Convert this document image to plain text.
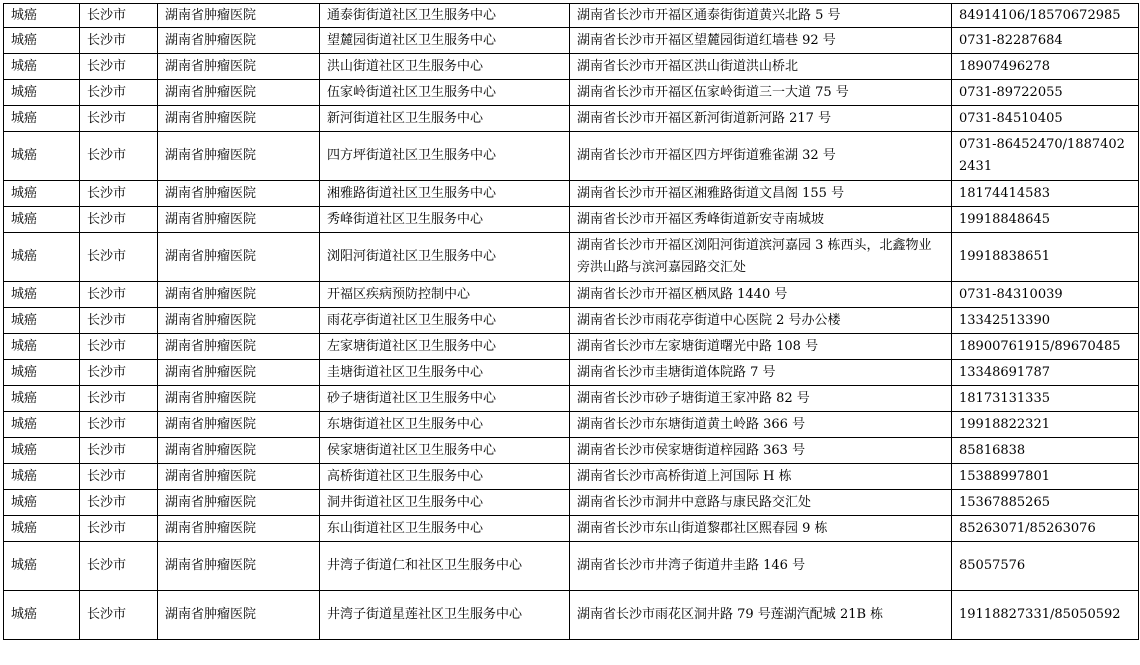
城癌	长沙市	湖南省肿瘤医院	通泰街街道社区卫生服务中心	湖南省长沙市开福区通泰街街道黄兴北路 5 号	84914106/18570672985
城癌	长沙市	湖南省肿瘤医院	望麓园街道社区卫生服务中心	湖南省长沙市开福区望麓园街道红墙巷 92 号	0731-82287684
城癌	长沙市	湖南省肿瘤医院	洪山街道社区卫生服务中心	湖南省长沙市开福区洪山街道洪山桥北	18907496278
城癌	长沙市	湖南省肿瘤医院	伍家岭街道社区卫生服务中心	湖南省长沙市开福区伍家岭街道三一大道 75 号	0731-89722055
城癌	长沙市	湖南省肿瘤医院	新河街道社区卫生服务中心	湖南省长沙市开福区新河街道新河路 217 号	0731-84510405
城癌	长沙市	湖南省肿瘤医院	四方坪街道社区卫生服务中心	湖南省长沙市开福区四方坪街道雅雀湖 32 号	0731-86452470/18874022431
城癌	长沙市	湖南省肿瘤医院	湘雅路街道社区卫生服务中心	湖南省长沙市开福区湘雅路街道文昌阁 155 号	18174414583
城癌	长沙市	湖南省肿瘤医院	秀峰街道社区卫生服务中心	湖南省长沙市开福区秀峰街道新安寺南城坡	19918848645
城癌	长沙市	湖南省肿瘤医院	浏阳河街道社区卫生服务中心	湖南省长沙市开福区浏阳河街道滨河嘉园 3 栋西头，北鑫物业旁洪山路与滨河嘉园路交汇处	19918838651
城癌	长沙市	湖南省肿瘤医院	开福区疾病预防控制中心	湖南省长沙市开福区栖凤路 1440 号	0731-84310039
城癌	长沙市	湖南省肿瘤医院	雨花亭街道社区卫生服务中心	湖南省长沙市雨花亭街道中心医院 2 号办公楼	13342513390
城癌	长沙市	湖南省肿瘤医院	左家塘街道社区卫生服务中心	湖南省长沙市左家塘街道曙光中路 108 号	18900761915/89670485
城癌	长沙市	湖南省肿瘤医院	圭塘街道社区卫生服务中心	湖南省长沙市圭塘街道体院路 7 号	13348691787
城癌	长沙市	湖南省肿瘤医院	砂子塘街道社区卫生服务中心	湖南省长沙市砂子塘街道王家冲路 82 号	18173131335
城癌	长沙市	湖南省肿瘤医院	东塘街道社区卫生服务中心	湖南省长沙市东塘街道黄土岭路 366 号	19918822321
城癌	长沙市	湖南省肿瘤医院	侯家塘街道社区卫生服务中心	湖南省长沙市侯家塘街道梓园路 363 号	85816838
城癌	长沙市	湖南省肿瘤医院	高桥街道社区卫生服务中心	湖南省长沙市高桥街道上河国际 H 栋	15388997801
城癌	长沙市	湖南省肿瘤医院	洞井街道社区卫生服务中心	湖南省长沙市洞井中意路与康民路交汇处	15367885265
城癌	长沙市	湖南省肿瘤医院	东山街道社区卫生服务中心	湖南省长沙市东山街道黎郡社区熙春园 9 栋	85263071/85263076
城癌	长沙市	湖南省肿瘤医院	井湾子街道仁和社区卫生服务中心	湖南省长沙市井湾子街道井圭路 146 号	85057576
城癌	长沙市	湖南省肿瘤医院	井湾子街道星莲社区卫生服务中心	湖南省长沙市雨花区洞井路 79 号莲湖汽配城 21B 栋	19118827331/85050592
